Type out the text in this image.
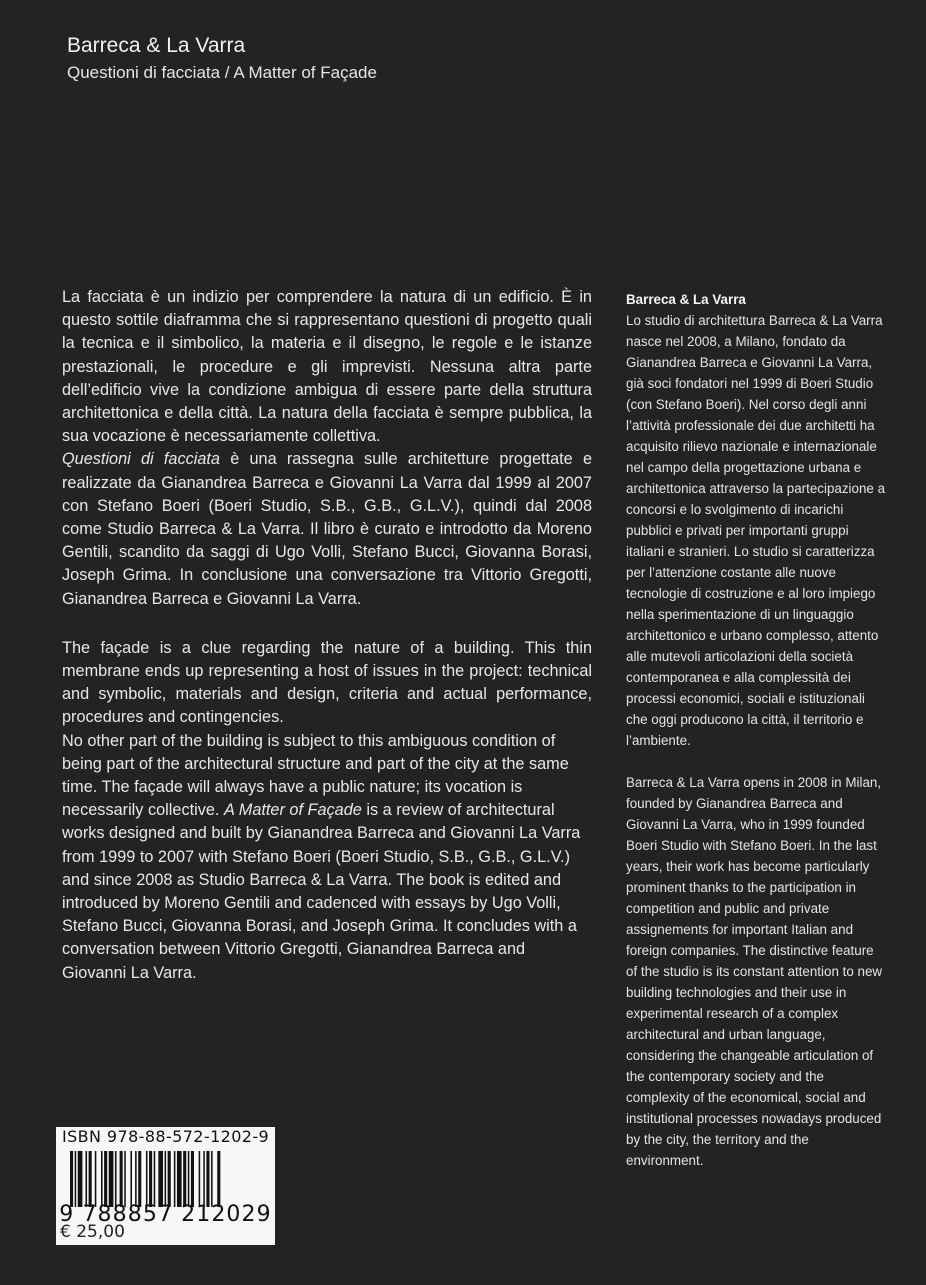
Barreca & La Varra
Questioni di facciata / A Matter of Façade

La facciata è un indizio per comprendere la natura di un edificio. È in questo sottile diaframma che si rappresentano questioni di progetto quali la tecnica e il simbolico, la materia e il disegno, le regole e le istanze prestazionali, le procedure e gli imprevisti. Nessuna altra parte dell’edificio vive la condizione ambigua di essere parte della struttura architettonica e della città. La natura della facciata è sempre pubblica, la sua vocazione è necessariamente collettiva.

Questioni di facciata è una rassegna sulle architetture progettate e realizzate da Gianandrea Barreca e Giovanni La Varra dal 1999 al 2007 con Stefano Boeri (Boeri Studio, S.B., G.B., G.L.V.), quindi dal 2008 come Studio Barreca & La Varra. Il libro è curato e introdotto da Moreno Gentili, scandito da saggi di Ugo Volli, Stefano Bucci, Giovanna Borasi, Joseph Grima. In conclusione una conversazione tra Vittorio Gregotti, Gianandrea Barreca e Giovanni La Varra.

The façade is a clue regarding the nature of a building. This thin membrane ends up representing a host of issues in the project: technical and symbolic, materials and design, criteria and actual performance, procedures and contingencies.

No other part of the building is subject to this ambiguous condition of being part of the architectural structure and part of the city at the same time. The façade will always have a public nature; its vocation is necessarily collective. A Matter of Façade is a review of architectural works designed and built by Gianandrea Barreca and Giovanni La Varra from 1999 to 2007 with Stefano Boeri (Boeri Studio, S.B., G.B., G.L.V.) and since 2008 as Studio Barreca & La Varra. The book is edited and introduced by Moreno Gentili and cadenced with essays by Ugo Volli, Stefano Bucci, Giovanna Borasi, and Joseph Grima. It concludes with a conversation between Vittorio Gregotti, Gianandrea Barreca and Giovanni La Varra.

Barreca & La Varra

Lo studio di architettura Barreca & La Varra nasce nel 2008, a Milano, fondato da Gianandrea Barreca e Giovanni La Varra, già soci fondatori nel 1999 di Boeri Studio (con Stefano Boeri). Nel corso degli anni l’attività professionale dei due architetti ha acquisito rilievo nazionale e internazionale nel campo della progettazione urbana e architettonica attraverso la partecipazione a concorsi e lo svolgimento di incarichi pubblici e privati per importanti gruppi italiani e stranieri. Lo studio si caratterizza per l’attenzione costante alle nuove tecnologie di costruzione e al loro impiego nella sperimentazione di un linguaggio architettonico e urbano complesso, attento alle mutevoli articolazioni della società contemporanea e alla complessità dei processi economici, sociali e istituzionali che oggi producono la città, il territorio e l’ambiente.

Barreca & La Varra opens in 2008 in Milan, founded by Gianandrea Barreca and Giovanni La Varra, who in 1999 founded Boeri Studio with Stefano Boeri. In the last years, their work has become particularly prominent thanks to the participation in competition and public and private assignements for important Italian and foreign companies. The distinctive feature of the studio is its constant attention to new building technologies and their use in experimental research of a complex architectural and urban language, considering the changeable articulation of the contemporary society and the complexity of the economical, social and institutional processes nowadays produced by the city, the territory and the environment.

ISBN 978-88-572-1202-9
9 788857 212029
€ 25,00
